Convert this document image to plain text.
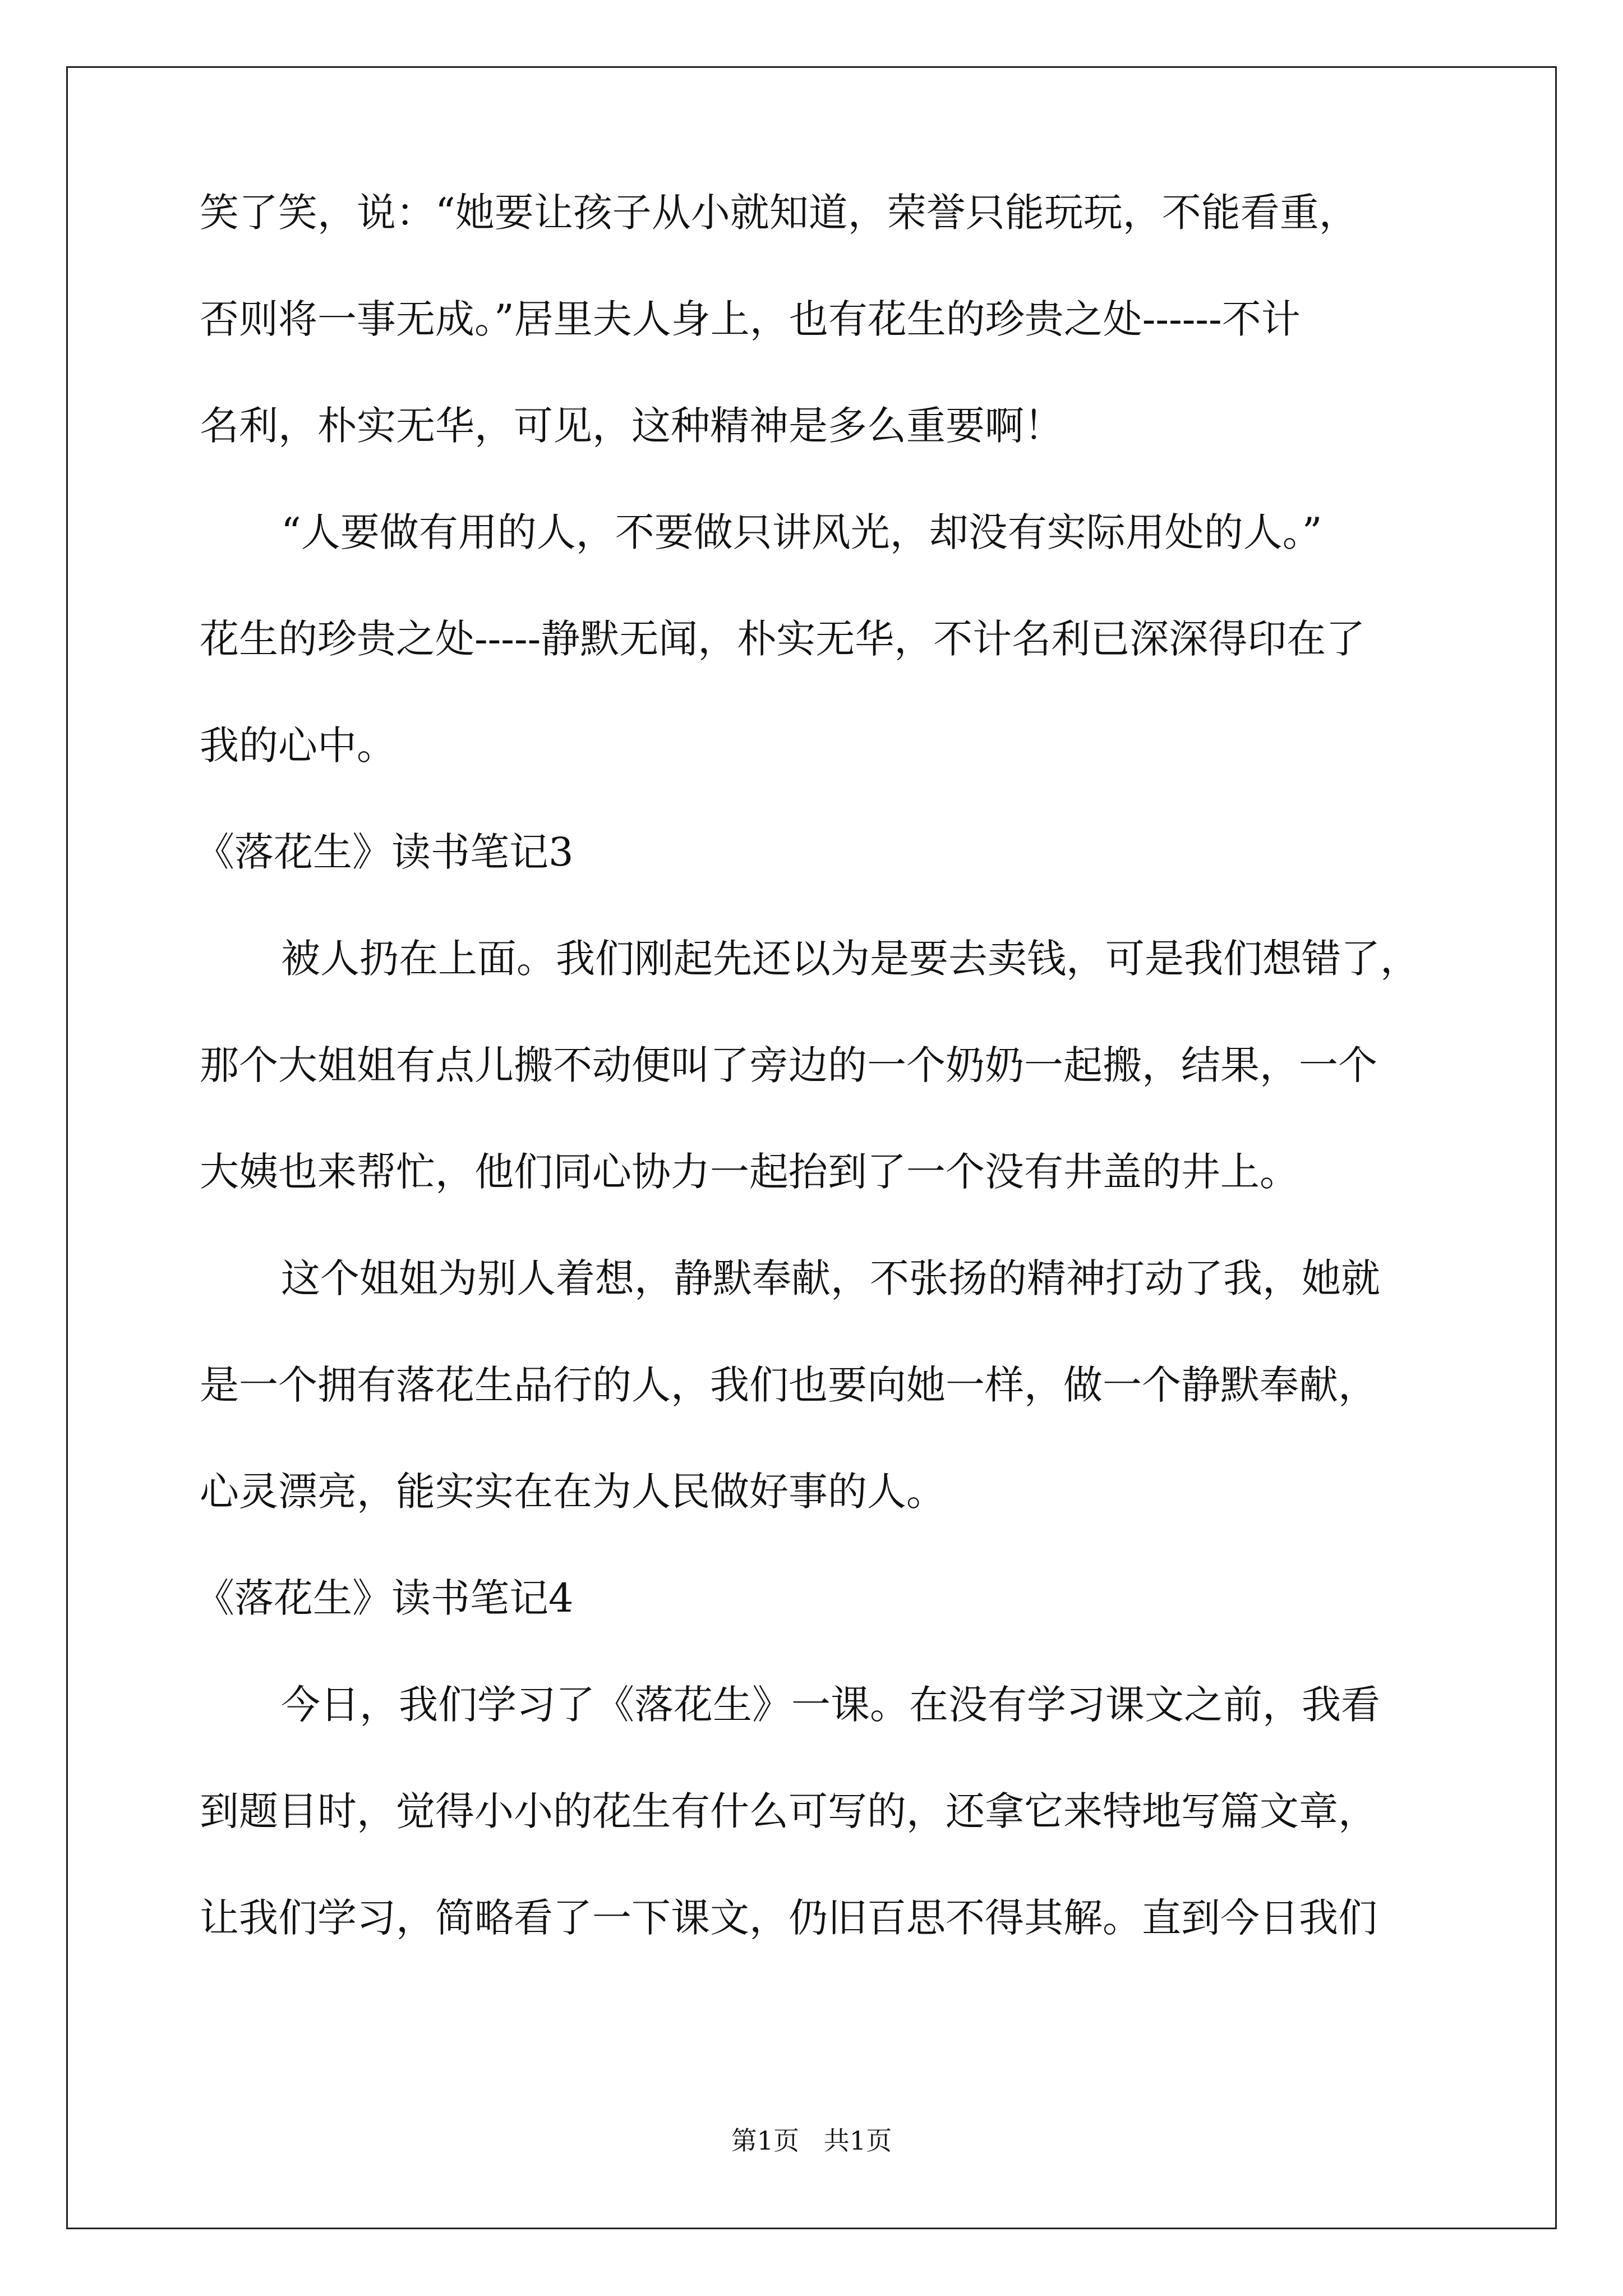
笑了笑，说：“她要让孩子从小就知道，荣誉只能玩玩，不能看重，
否则将一事无成。”居里夫人身上，也有花生的珍贵之处------不计
名利，朴实无华，可见，这种精神是多么重要啊！
“人要做有用的人，不要做只讲风光，却没有实际用处的人。”
花生的珍贵之处-----静默无闻，朴实无华，不计名利已深深得印在了
我的心中。
《落花生》读书笔记3
被人扔在上面。我们刚起先还以为是要去卖钱，可是我们想错了，
那个大姐姐有点儿搬不动便叫了旁边的一个奶奶一起搬，结果，一个
大姨也来帮忙，他们同心协力一起抬到了一个没有井盖的井上。
这个姐姐为别人着想，静默奉献，不张扬的精神打动了我，她就
是一个拥有落花生品行的人，我们也要向她一样，做一个静默奉献，
心灵漂亮，能实实在在为人民做好事的人。
《落花生》读书笔记4
今日，我们学习了《落花生》一课。在没有学习课文之前，我看
到题目时，觉得小小的花生有什么可写的，还拿它来特地写篇文章，
让我们学习，简略看了一下课文，仍旧百思不得其解。直到今日我们
第1页   共1页
